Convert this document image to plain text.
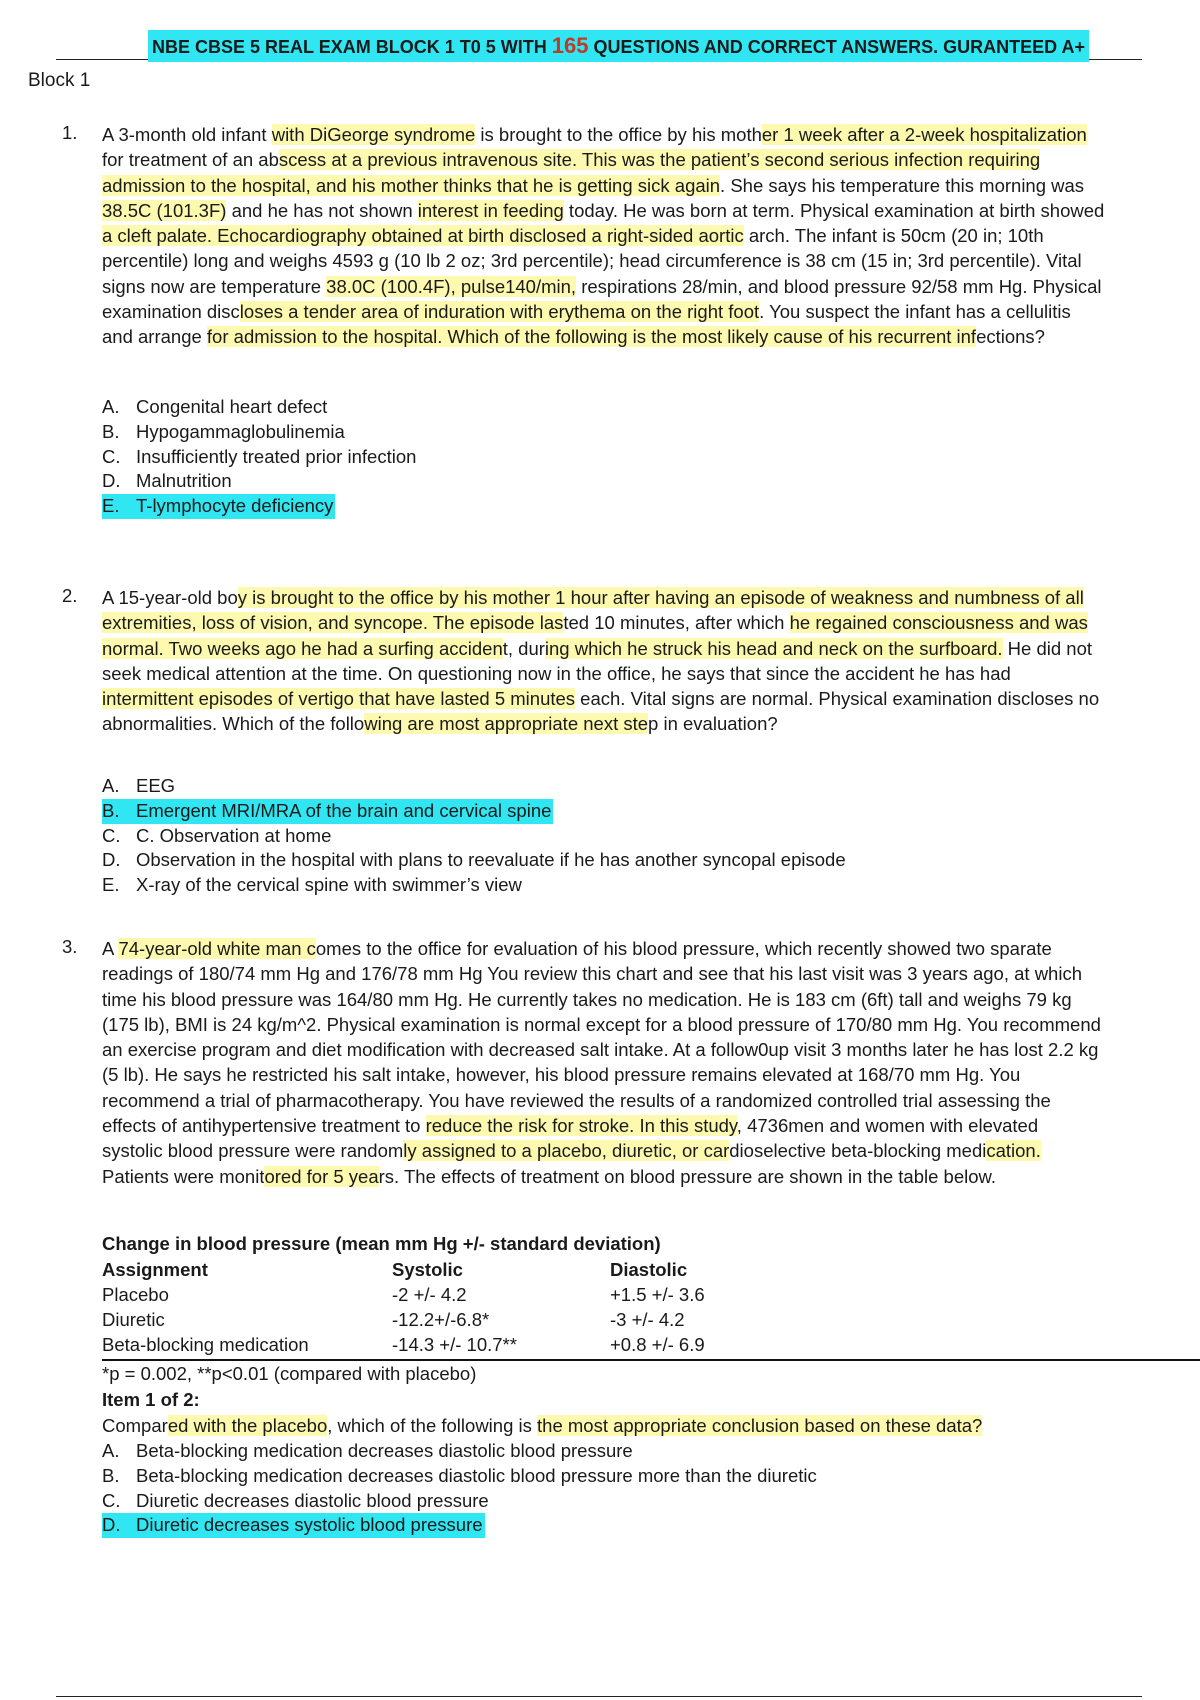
NBE CBSE 5 REAL EXAM BLOCK 1 T0 5 WITH 165 QUESTIONS AND CORRECT ANSWERS. GURANTEED A+
Block 1
1. A 3-month old infant with DiGeorge syndrome is brought to the office by his mother 1 week after a 2-week hospitalization
for treatment of an abscess at a previous intravenous site. This was the patient’s second serious infection requiring
admission to the hospital, and his mother thinks that he is getting sick again. She says his temperature this morning was
38.5C (101.3F) and he has not shown interest in feeding today. He was born at term. Physical examination at birth showed
a cleft palate. Echocardiography obtained at birth disclosed a right-sided aortic arch. The infant is 50cm (20 in; 10th
percentile) long and weighs 4593 g (10 lb 2 oz; 3rd percentile); head circumference is 38 cm (15 in; 3rd percentile). Vital
signs now are temperature 38.0C (100.4F), pulse140/min, respirations 28/min, and blood pressure 92/58 mm Hg. Physical
examination discloses a tender area of induration with erythema on the right foot. You suspect the infant has a cellulitis
and arrange for admission to the hospital. Which of the following is the most likely cause of his recurrent infections?
A. Congenital heart defect
B. Hypogammaglobulinemia
C. Insufficiently treated prior infection
D. Malnutrition
E. T-lymphocyte deficiency
2. A 15-year-old boy is brought to the office by his mother 1 hour after having an episode of weakness and numbness of all
extremities, loss of vision, and syncope. The episode lasted 10 minutes, after which he regained consciousness and was
normal. Two weeks ago he had a surfing accident, during which he struck his head and neck on the surfboard. He did not
seek medical attention at the time. On questioning now in the office, he says that since the accident he has had
intermittent episodes of vertigo that have lasted 5 minutes each. Vital signs are normal. Physical examination discloses no
abnormalities. Which of the following are most appropriate next step in evaluation?
A. EEG
B. Emergent MRI/MRA of the brain and cervical spine
C. C. Observation at home
D. Observation in the hospital with plans to reevaluate if he has another syncopal episode
E. X-ray of the cervical spine with swimmer’s view
3. A 74-year-old white man comes to the office for evaluation of his blood pressure, which recently showed two sparate
readings of 180/74 mm Hg and 176/78 mm Hg You review this chart and see that his last visit was 3 years ago, at which
time his blood pressure was 164/80 mm Hg. He currently takes no medication. He is 183 cm (6ft) tall and weighs 79 kg
(175 lb), BMI is 24 kg/m^2. Physical examination is normal except for a blood pressure of 170/80 mm Hg. You recommend
an exercise program and diet modification with decreased salt intake. At a follow0up visit 3 months later he has lost 2.2 kg
(5 lb). He says he restricted his salt intake, however, his blood pressure remains elevated at 168/70 mm Hg. You
recommend a trial of pharmacotherapy. You have reviewed the results of a randomized controlled trial assessing the
effects of antihypertensive treatment to reduce the risk for stroke. In this study, 4736men and women with elevated
systolic blood pressure were randomly assigned to a placebo, diuretic, or cardioselective beta-blocking medication.
Patients were monitored for 5 years. The effects of treatment on blood pressure are shown in the table below.
Change in blood pressure (mean mm Hg +/- standard deviation)
Assignment	Systolic	Diastolic
Placebo	-2 +/- 4.2	+1.5 +/- 3.6
Diuretic	-12.2+/-6.8*	-3 +/- 4.2
Beta-blocking medication	-14.3 +/- 10.7**	+0.8 +/- 6.9
*p = 0.002, **p<0.01 (compared with placebo)
Item 1 of 2:
Compared with the placebo, which of the following is the most appropriate conclusion based on these data?
A. Beta-blocking medication decreases diastolic blood pressure
B. Beta-blocking medication decreases diastolic blood pressure more than the diuretic
C. Diuretic decreases diastolic blood pressure
D. Diuretic decreases systolic blood pressure
